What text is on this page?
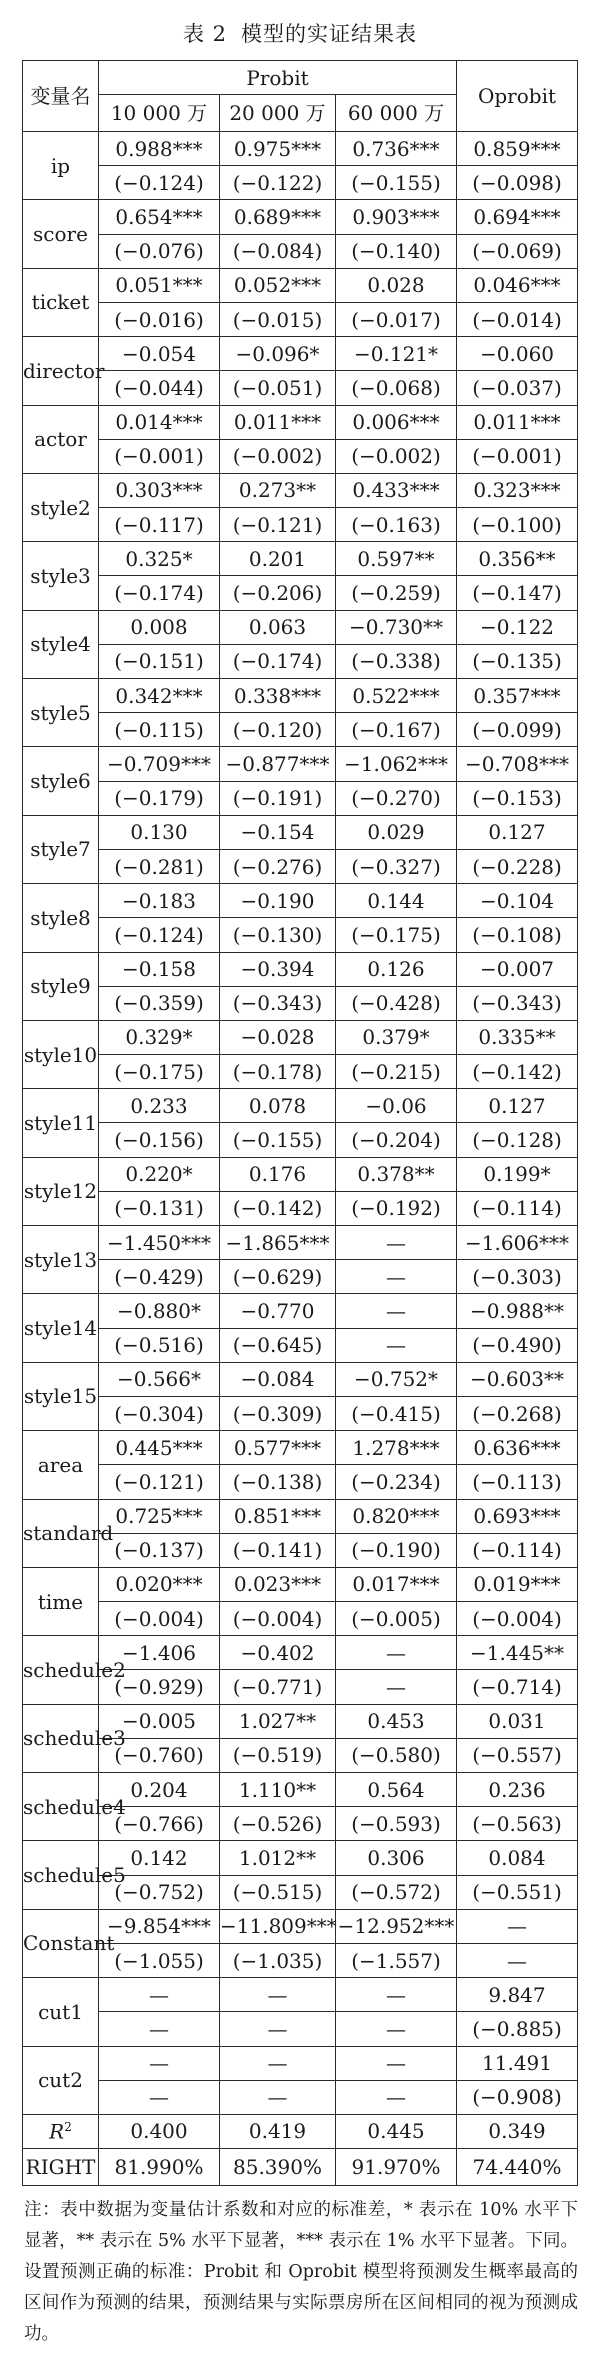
表 2 模型的实证结果表
变量名	Probit			Oprobit
	10 000 万	20 000 万	60 000 万	
ip	0.988***	0.975***	0.736***	0.859***
	(−0.124)	(−0.122)	(−0.155)	(−0.098)
score	0.654***	0.689***	0.903***	0.694***
	(−0.076)	(−0.084)	(−0.140)	(−0.069)
ticket	0.051***	0.052***	0.028	0.046***
	(−0.016)	(−0.015)	(−0.017)	(−0.014)
director	−0.054	−0.096*	−0.121*	−0.060
	(−0.044)	(−0.051)	(−0.068)	(−0.037)
actor	0.014***	0.011***	0.006***	0.011***
	(−0.001)	(−0.002)	(−0.002)	(−0.001)
style2	0.303***	0.273**	0.433***	0.323***
	(−0.117)	(−0.121)	(−0.163)	(−0.100)
style3	0.325*	0.201	0.597**	0.356**
	(−0.174)	(−0.206)	(−0.259)	(−0.147)
style4	0.008	0.063	−0.730**	−0.122
	(−0.151)	(−0.174)	(−0.338)	(−0.135)
style5	0.342***	0.338***	0.522***	0.357***
	(−0.115)	(−0.120)	(−0.167)	(−0.099)
style6	−0.709***	−0.877***	−1.062***	−0.708***
	(−0.179)	(−0.191)	(−0.270)	(−0.153)
style7	0.130	−0.154	0.029	0.127
	(−0.281)	(−0.276)	(−0.327)	(−0.228)
style8	−0.183	−0.190	0.144	−0.104
	(−0.124)	(−0.130)	(−0.175)	(−0.108)
style9	−0.158	−0.394	0.126	−0.007
	(−0.359)	(−0.343)	(−0.428)	(−0.343)
style10	0.329*	−0.028	0.379*	0.335**
	(−0.175)	(−0.178)	(−0.215)	(−0.142)
style11	0.233	0.078	−0.06	0.127
	(−0.156)	(−0.155)	(−0.204)	(−0.128)
style12	0.220*	0.176	0.378**	0.199*
	(−0.131)	(−0.142)	(−0.192)	(−0.114)
style13	−1.450***	−1.865***	—	−1.606***
	(−0.429)	(−0.629)	—	(−0.303)
style14	−0.880*	−0.770	—	−0.988**
	(−0.516)	(−0.645)	—	(−0.490)
style15	−0.566*	−0.084	−0.752*	−0.603**
	(−0.304)	(−0.309)	(−0.415)	(−0.268)
area	0.445***	0.577***	1.278***	0.636***
	(−0.121)	(−0.138)	(−0.234)	(−0.113)
standard	0.725***	0.851***	0.820***	0.693***
	(−0.137)	(−0.141)	(−0.190)	(−0.114)
time	0.020***	0.023***	0.017***	0.019***
	(−0.004)	(−0.004)	(−0.005)	(−0.004)
schedule2	−1.406	−0.402	—	−1.445**
	(−0.929)	(−0.771)	—	(−0.714)
schedule3	−0.005	1.027**	0.453	0.031
	(−0.760)	(−0.519)	(−0.580)	(−0.557)
schedule4	0.204	1.110**	0.564	0.236
	(−0.766)	(−0.526)	(−0.593)	(−0.563)
schedule5	0.142	1.012**	0.306	0.084
	(−0.752)	(−0.515)	(−0.572)	(−0.551)
Constant	−9.854***	−11.809***	−12.952***	—
	(−1.055)	(−1.035)	(−1.557)	—
cut1	—	—	—	9.847
	—	—	—	(−0.885)
cut2	—	—	—	11.491
	—	—	—	(−0.908)
$R^2$	0.400	0.419	0.445	0.349
RIGHT	81.990%	85.390%	91.970%	74.440%
注：表中数据为变量估计系数和对应的标准差，* 表示在 10% 水平下显著，** 表示在 5% 水平下显著，*** 表示在 1% 水平下显著。下同。设置预测正确的标准：Probit 和 Oprobit 模型将预测发生概率最高的区间作为预测的结果，预测结果与实际票房所在区间相同的视为预测成功。
